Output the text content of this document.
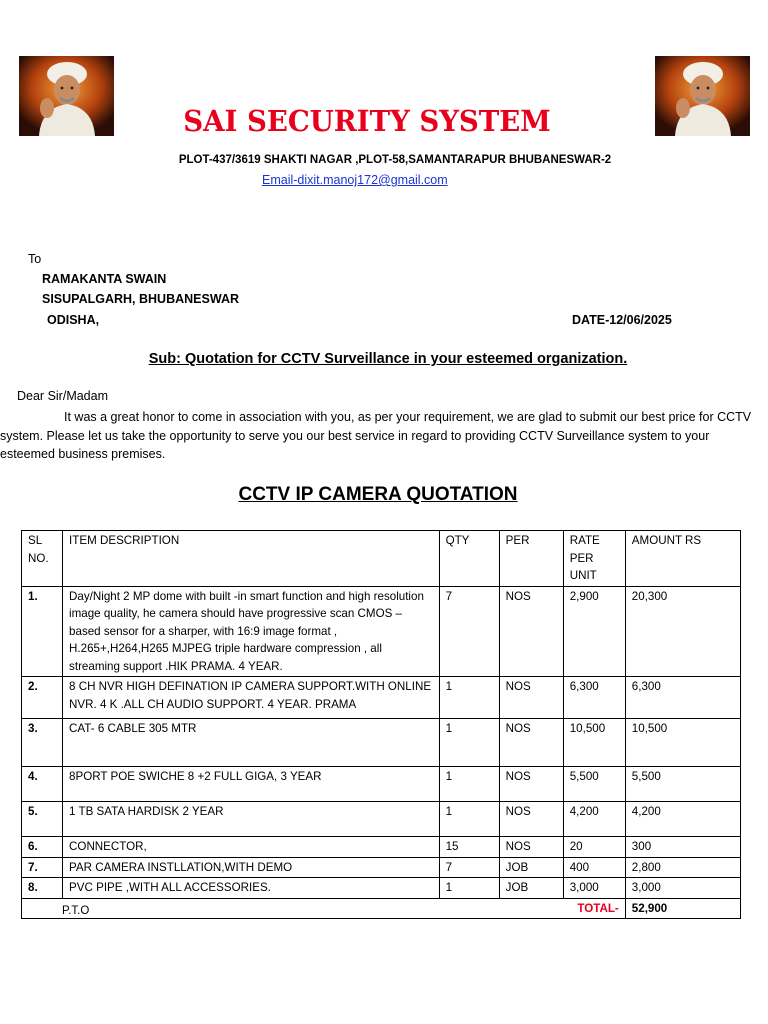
SAI SECURITY SYSTEM
PLOT-437/3619 SHAKTI NAGAR ,PLOT-58,SAMANTARAPUR BHUBANESWAR-2
Email-dixit.manoj172@gmail.com
To
RAMAKANTA SWAIN
SISUPALGARH, BHUBANESWAR
ODISHA,	DATE-12/06/2025
Sub: Quotation for CCTV Surveillance in your esteemed organization.
Dear Sir/Madam
It was a great honor to come in association with you, as per your requirement, we are glad to submit our best price for CCTV system. Please let us take the opportunity to serve you our best service in regard to providing CCTV Surveillance system to your esteemed business premises.
CCTV IP CAMERA QUOTATION
SL NO.	ITEM DESCRIPTION	QTY	PER	RATE PER UNIT	AMOUNT RS
1.	Day/Night 2 MP dome with built -in smart function and high resolution image quality, he camera should have progressive scan CMOS –based sensor for a sharper, with 16:9 image format , H.265+,H264,H265 MJPEG triple hardware compression , all streaming support .HIK PRAMA. 4 YEAR.	7	NOS	2,900	20,300
2.	8 CH NVR HIGH DEFINATION IP CAMERA SUPPORT.WITH ONLINE NVR. 4 K .ALL CH AUDIO SUPPORT. 4 YEAR. PRAMA	1	NOS	6,300	6,300
3.	CAT- 6 CABLE 305 MTR	1	NOS	10,500	10,500
4.	8PORT POE SWICHE 8 +2 FULL GIGA, 3 YEAR	1	NOS	5,500	5,500
5.	1 TB SATA HARDISK 2 YEAR	1	NOS	4,200	4,200
6.	CONNECTOR,	15	NOS	20	300
7.	PAR CAMERA INSTLLATION,WITH DEMO	7	JOB	400	2,800
8.	PVC PIPE ,WITH ALL ACCESSORIES.	1	JOB	3,000	3,000
TOTAL-					52,900
P.T.O
